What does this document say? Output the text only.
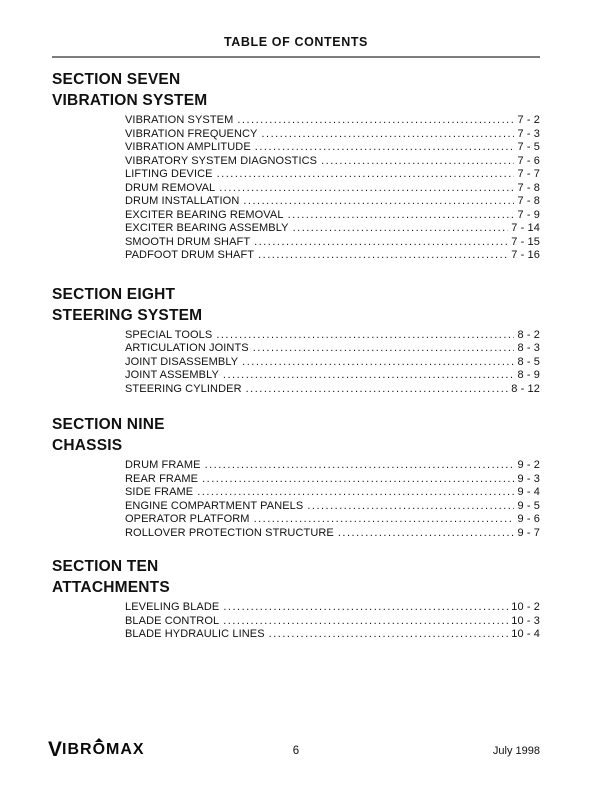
TABLE OF CONTENTS
SECTION SEVEN
VIBRATION SYSTEM
VIBRATION SYSTEM .....	7 - 2
VIBRATION FREQUENCY .....	7 - 3
VIBRATION AMPLITUDE .....	7 - 5
VIBRATORY SYSTEM DIAGNOSTICS .....	7 - 6
LIFTING DEVICE .....	7 - 7
DRUM REMOVAL .....	7 - 8
DRUM INSTALLATION .....	7 - 8
EXCITER BEARING REMOVAL .....	7 - 9
EXCITER BEARING ASSEMBLY .....	7 - 14
SMOOTH DRUM SHAFT .....	7 - 15
PADFOOT DRUM SHAFT .....	7 - 16
SECTION EIGHT
STEERING SYSTEM
SPECIAL TOOLS .....	8 - 2
ARTICULATION JOINTS .....	8 - 3
JOINT DISASSEMBLY .....	8 - 5
JOINT ASSEMBLY .....	8 - 9
STEERING CYLINDER .....	8 - 12
SECTION NINE
CHASSIS
DRUM FRAME .....	9 - 2
REAR FRAME .....	9 - 3
SIDE FRAME .....	9 - 4
ENGINE COMPARTMENT PANELS .....	9 - 5
OPERATOR PLATFORM .....	9 - 6
ROLLOVER PROTECTION STRUCTURE .....	9 - 7
SECTION TEN
ATTACHMENTS
LEVELING BLADE .....	10 - 2
BLADE CONTROL .....	10 - 3
BLADE HYDRAULIC LINES .....	10 - 4
VIBROMAX	6	July 1998
